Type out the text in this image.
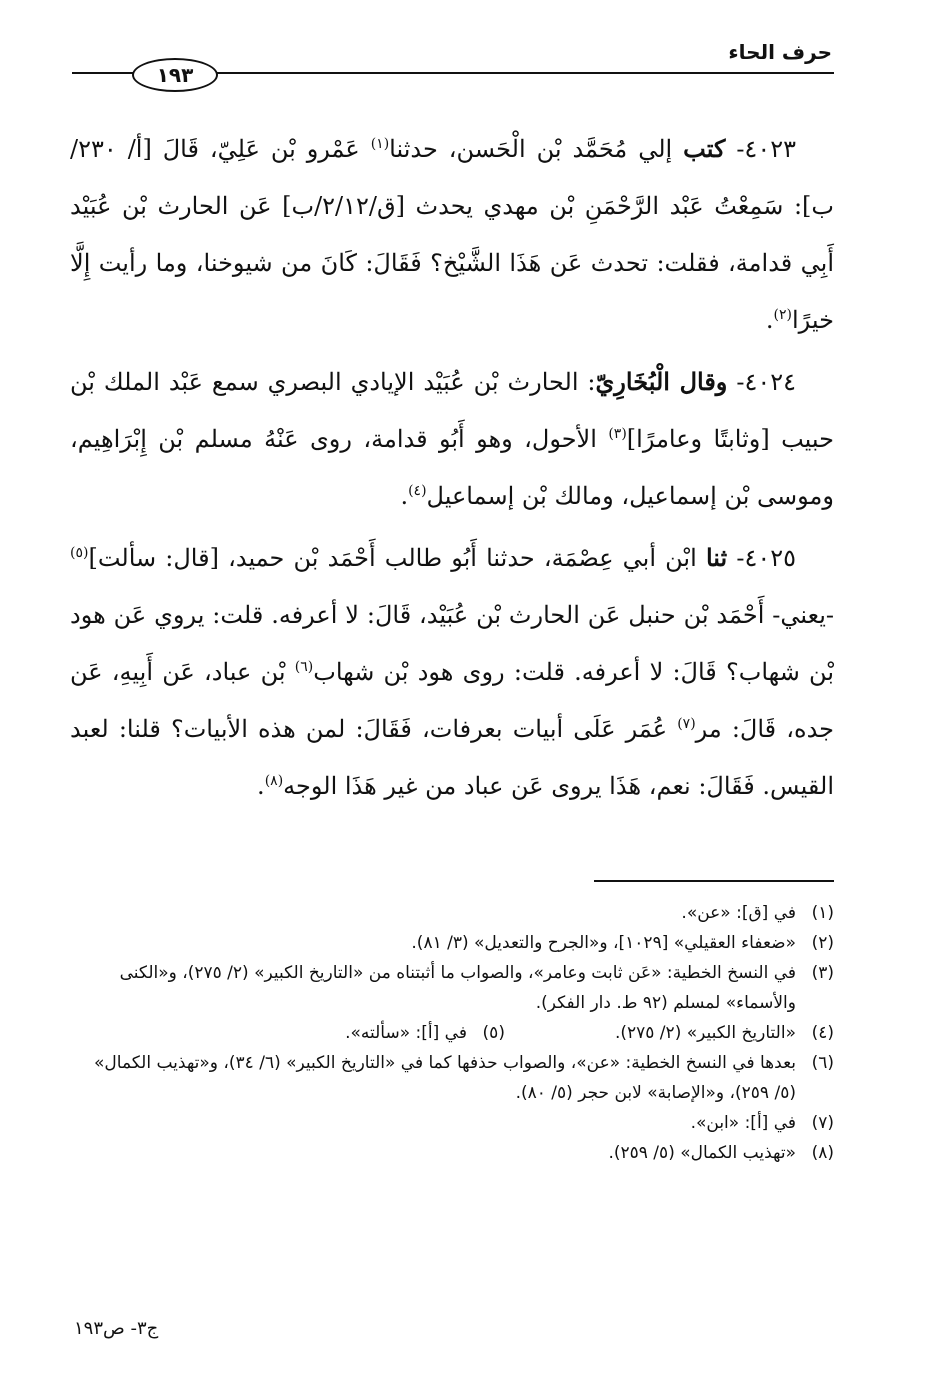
حرف الحاء
١٩٣

٤٠٢٣- كتب إلي مُحَمَّد بْن الْحَسن، حدثنا$^{(١)}$ عَمْرو بْن عَلِيّ، قَالَ [أ/ ٢٣٠/ب]: سَمِعْتُ عَبْد الرَّحْمَنِ بْن مهدي يحدث [ق/٢/١٢/ب] عَن الحارث بْن عُبَيْد أَبِي قدامة، فقلت: تحدث عَن هَذَا الشَّيْخ؟ فَقَالَ: كَانَ من شيوخنا، وما رأيت إِلَّا خيرًا$^{(٢)}$.

٤٠٢٤- وقال الْبُخَارِيّ: الحارث بْن عُبَيْد الإيادي البصري سمع عَبْد الملك بْن حبيب [وثابتًا وعامرًا]$^{(٣)}$ الأحول، وهو أَبُو قدامة، روى عَنْهُ مسلم بْن إِبْرَاهِيم، وموسى بْن إسماعيل، ومالك بْن إسماعيل$^{(٤)}$.

٤٠٢٥- ثنا ابْن أبي عِصْمَة، حدثنا أَبُو طالب أَحْمَد بْن حميد، [قال: سألت]$^{(٥)}$ -يعني- أَحْمَد بْن حنبل عَن الحارث بْن عُبَيْد، قَالَ: لا أعرفه. قلت: يروي عَن هود بْن شهاب؟ قَالَ: لا أعرفه. قلت: روى هود بْن شهاب$^{(٦)}$ بْن عباد، عَن أَبِيهِ، عَن جده، قَالَ: مر$^{(٧)}$ عُمَر عَلَى أبيات بعرفات، فَقَالَ: لمن هذه الأبيات؟ قلنا: لعبد القيس. فَقَالَ: نعم، هَذَا يروى عَن عباد من غير هَذَا الوجه$^{(٨)}$.

(١)في [ق]: «عن».
(٢)«ضعفاء العقيلي» [١٠٢٩]، و«الجرح والتعديل» (٣/ ٨١).
(٣)في النسخ الخطية: «عَن ثابت وعامر»، والصواب ما أثبتناه من «التاريخ الكبير» (٢/ ٢٧٥)، و«الكنى والأسماء» لمسلم (٩٢ ط. دار الفكر).
(٤)«التاريخ الكبير» (٢/ ٢٧٥).
(٥)في [أ]: «سألته».
(٦)بعدها في النسخ الخطية: «عن»، والصواب حذفها كما في «التاريخ الكبير» (٦/ ٣٤)، و«تهذيب الكمال» (٥/ ٢٥٩)، و«الإصابة» لابن حجر (٥/ ٨٠).
(٧)في [أ]: «ابن».
(٨)«تهذيب الكمال» (٥/ ٢٥٩).
ج٣- ص١٩٣
